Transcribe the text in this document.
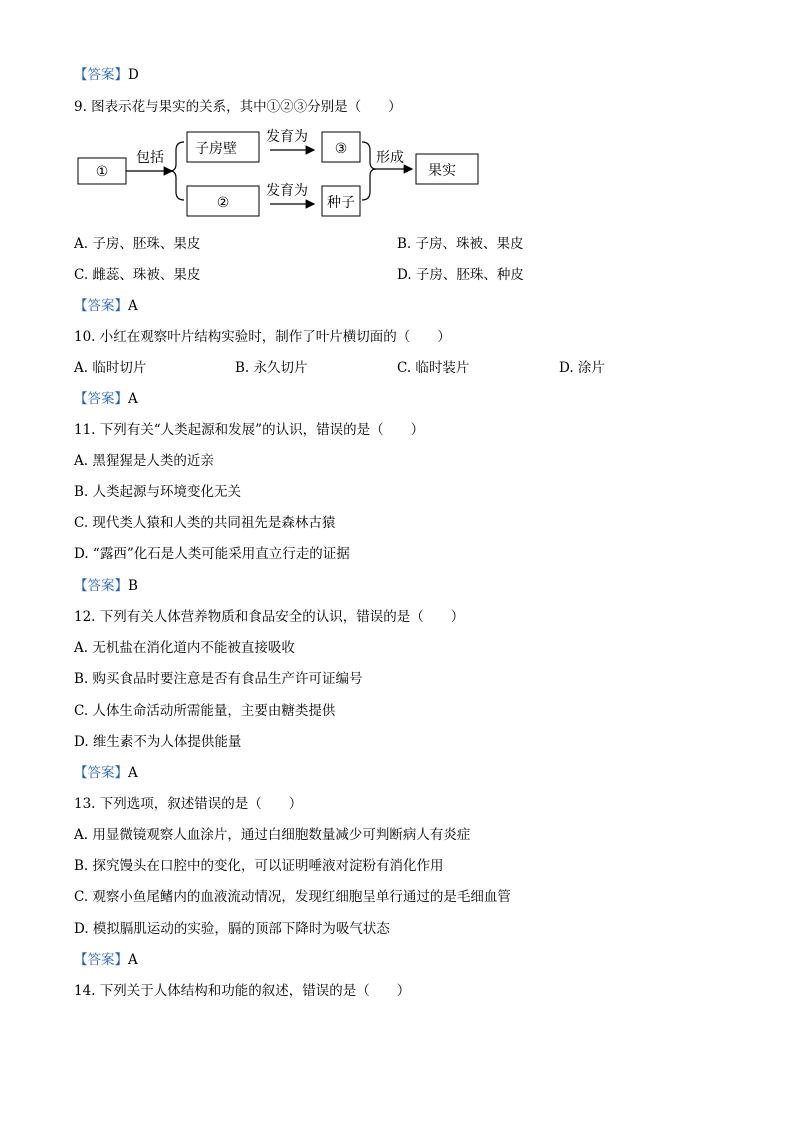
【答案】D
9. 图表示花与果实的关系，其中①②③分别是（　　）
①
包括
子房壁
②
发育为
发育为
③
种子
形成
果实
A. 子房、胚珠、果皮	B. 子房、珠被、果皮
C. 雌蕊、珠被、果皮	D. 子房、胚珠、种皮
【答案】A
10. 小红在观察叶片结构实验时，制作了叶片横切面的（　　）
A. 临时切片	B. 永久切片	C. 临时装片	D. 涂片
【答案】A
11. 下列有关“人类起源和发展”的认识，错误的是（　　）
A. 黑猩猩是人类的近亲
B. 人类起源与环境变化无关
C. 现代类人猿和人类的共同祖先是森林古猿
D. “露西”化石是人类可能采用直立行走的证据
【答案】B
12. 下列有关人体营养物质和食品安全的认识，错误的是（　　）
A. 无机盐在消化道内不能被直接吸收
B. 购买食品时要注意是否有食品生产许可证编号
C. 人体生命活动所需能量，主要由糖类提供
D. 维生素不为人体提供能量
【答案】A
13. 下列选项，叙述错误的是（　　）
A. 用显微镜观察人血涂片，通过白细胞数量减少可判断病人有炎症
B. 探究馒头在口腔中的变化，可以证明唾液对淀粉有消化作用
C. 观察小鱼尾鳍内的血液流动情况，发现红细胞呈单行通过的是毛细血管
D. 模拟膈肌运动的实验，膈的顶部下降时为吸气状态
【答案】A
14. 下列关于人体结构和功能的叙述，错误的是（　　）
